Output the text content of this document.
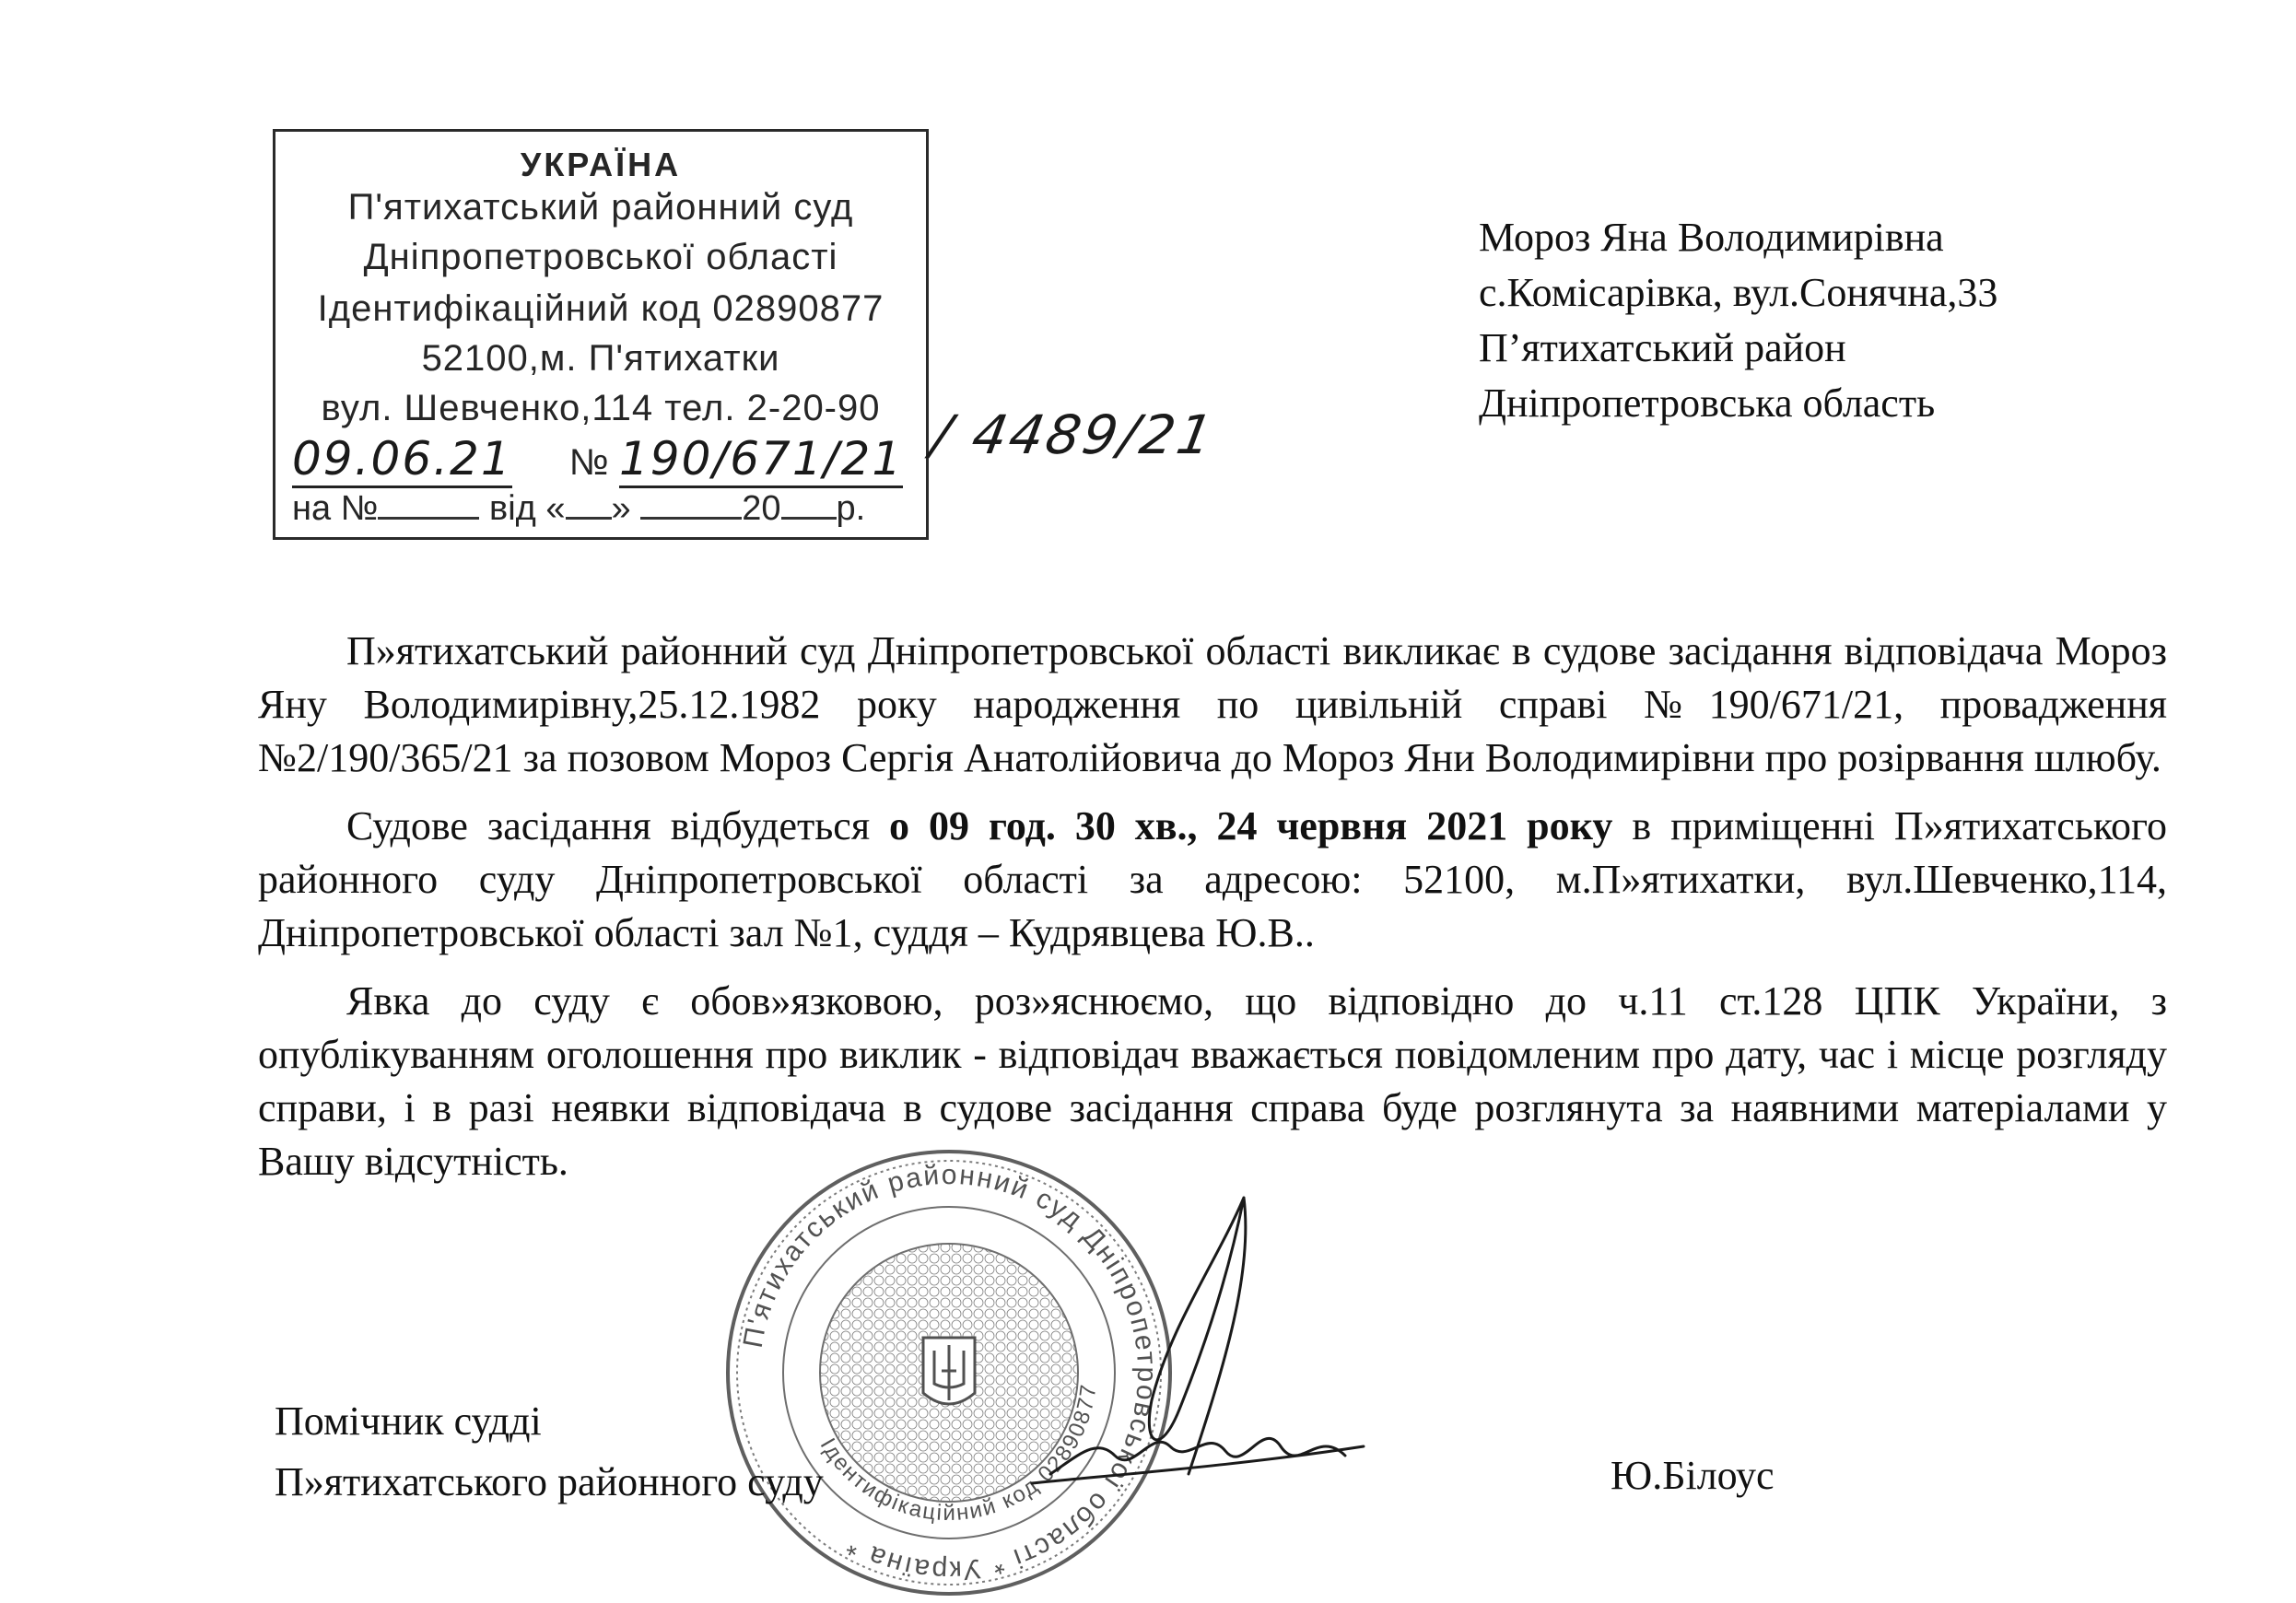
УКРАЇНА
П'ятихатський районний суд
Дніпропетровської області
Ідентифікаційний код 02890877
52100,м. П'ятихатки
вул. Шевченко,114 тел. 2-20-90
09.06.21 № 190/671/21
на №	від « »	20 р.
/ 4489/21
Мороз Яна Володимирівна
с.Комісарівка, вул.Сонячна,33
П’ятихатський район
Дніпропетровська область

П»ятихатський районний суд Дніпропетровської області викликає в судове засідання відповідача Мороз Яну Володимирівну,25.12.1982 року народження по цивільній справі №190/671/21, провадження №2/190/365/21 за позовом Мороз Сергія Анатолійовича до Мороз Яни Володимирівни про розірвання шлюбу.

Судове засідання відбудеться о 09 год. 30 хв., 24 червня 2021 року в приміщенні П»ятихатського районного суду Дніпропетровської області за адресою: 52100, м.П»ятихатки, вул.Шевченко,114, Дніпропетровської області зал №1, суддя – Кудрявцева Ю.В..

Явка до суду є обов»язковою, роз»яснюємо, що відповідно до ч.11 ст.128 ЦПК України, з опублікуванням оголошення про виклик - відповідач вважається повідомленим про дату, час і місце розгляду справи, і в разі неявки відповідача в судове засідання справа буде розглянута за наявними матеріалами у Вашу відсутність.

П'ятихатський районний суд Дніпропетровської області * Україна *
Ідентифікаційний код 02890877
Помічник судді
П»ятихатського районного суду	Ю.Білоус
